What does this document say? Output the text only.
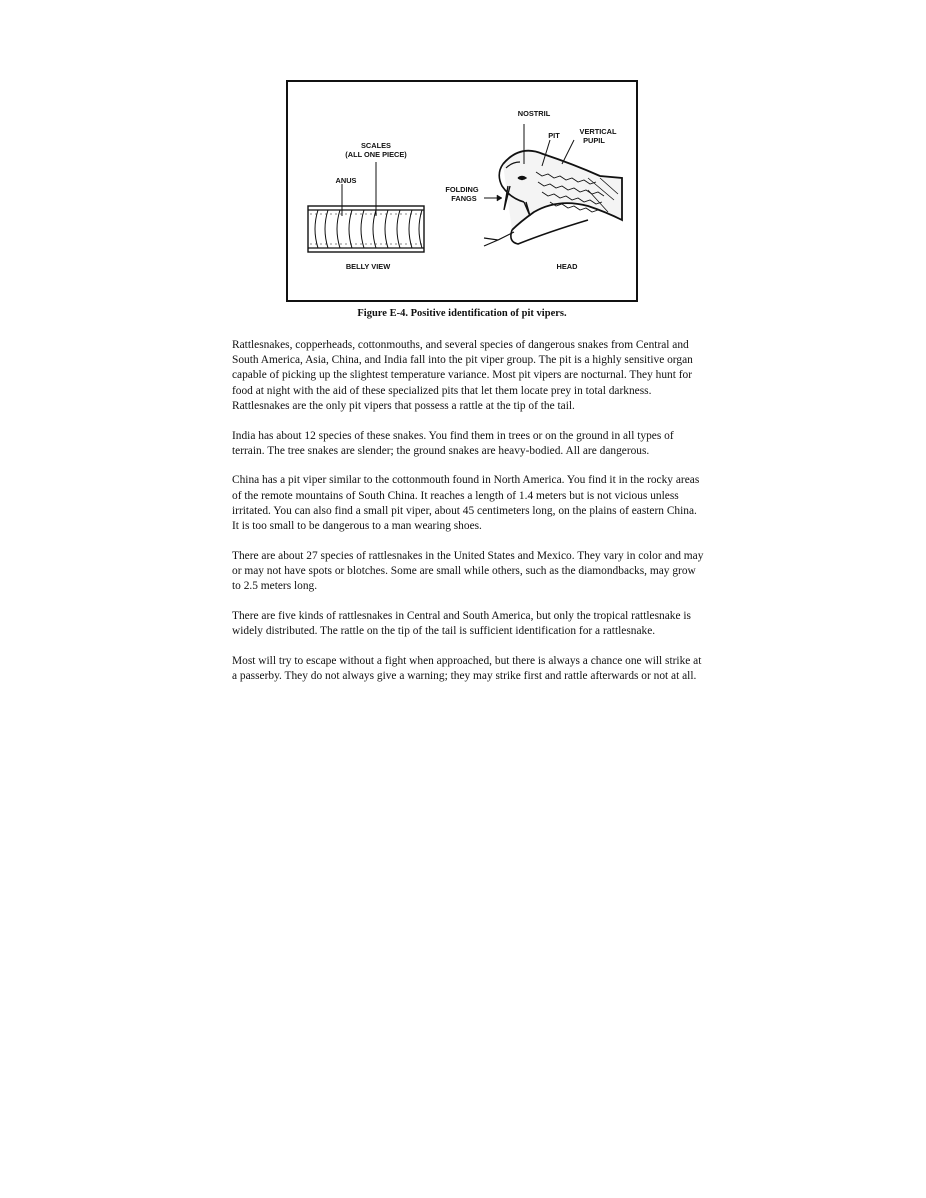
SCALES
(ALL ONE PIECE)
ANUS
BELLY VIEW
NOSTRIL
PIT	VERTICAL
PUPIL
FOLDING
FANGS
HEAD
Figure E-4. Positive identification of pit vipers.

Rattlesnakes, copperheads, cottonmouths, and several species of dangerous snakes from Central and South America, Asia, China, and India fall into the pit viper group. The pit is a highly sensitive organ capable of picking up the slightest temperature variance. Most pit vipers are nocturnal. They hunt for food at night with the aid of these specialized pits that let them locate prey in total darkness. Rattlesnakes are the only pit vipers that possess a rattle at the tip of the tail.

India has about 12 species of these snakes. You find them in trees or on the ground in all types of terrain. The tree snakes are slender; the ground snakes are heavy-bodied. All are dangerous.

China has a pit viper similar to the cottonmouth found in North America. You find it in the rocky areas of the remote mountains of South China. It reaches a length of 1.4 meters but is not vicious unless irritated. You can also find a small pit viper, about 45 centimeters long, on the plains of eastern China. It is too small to be dangerous to a man wearing shoes.

There are about 27 species of rattlesnakes in the United States and Mexico. They vary in color and may or may not have spots or blotches. Some are small while others, such as the diamondbacks, may grow to 2.5 meters long.

There are five kinds of rattlesnakes in Central and South America, but only the tropical rattlesnake is widely distributed. The rattle on the tip of the tail is sufficient identification for a rattlesnake.

Most will try to escape without a fight when approached, but there is always a chance one will strike at a passerby. They do not always give a warning; they may strike first and rattle afterwards or not at all.
